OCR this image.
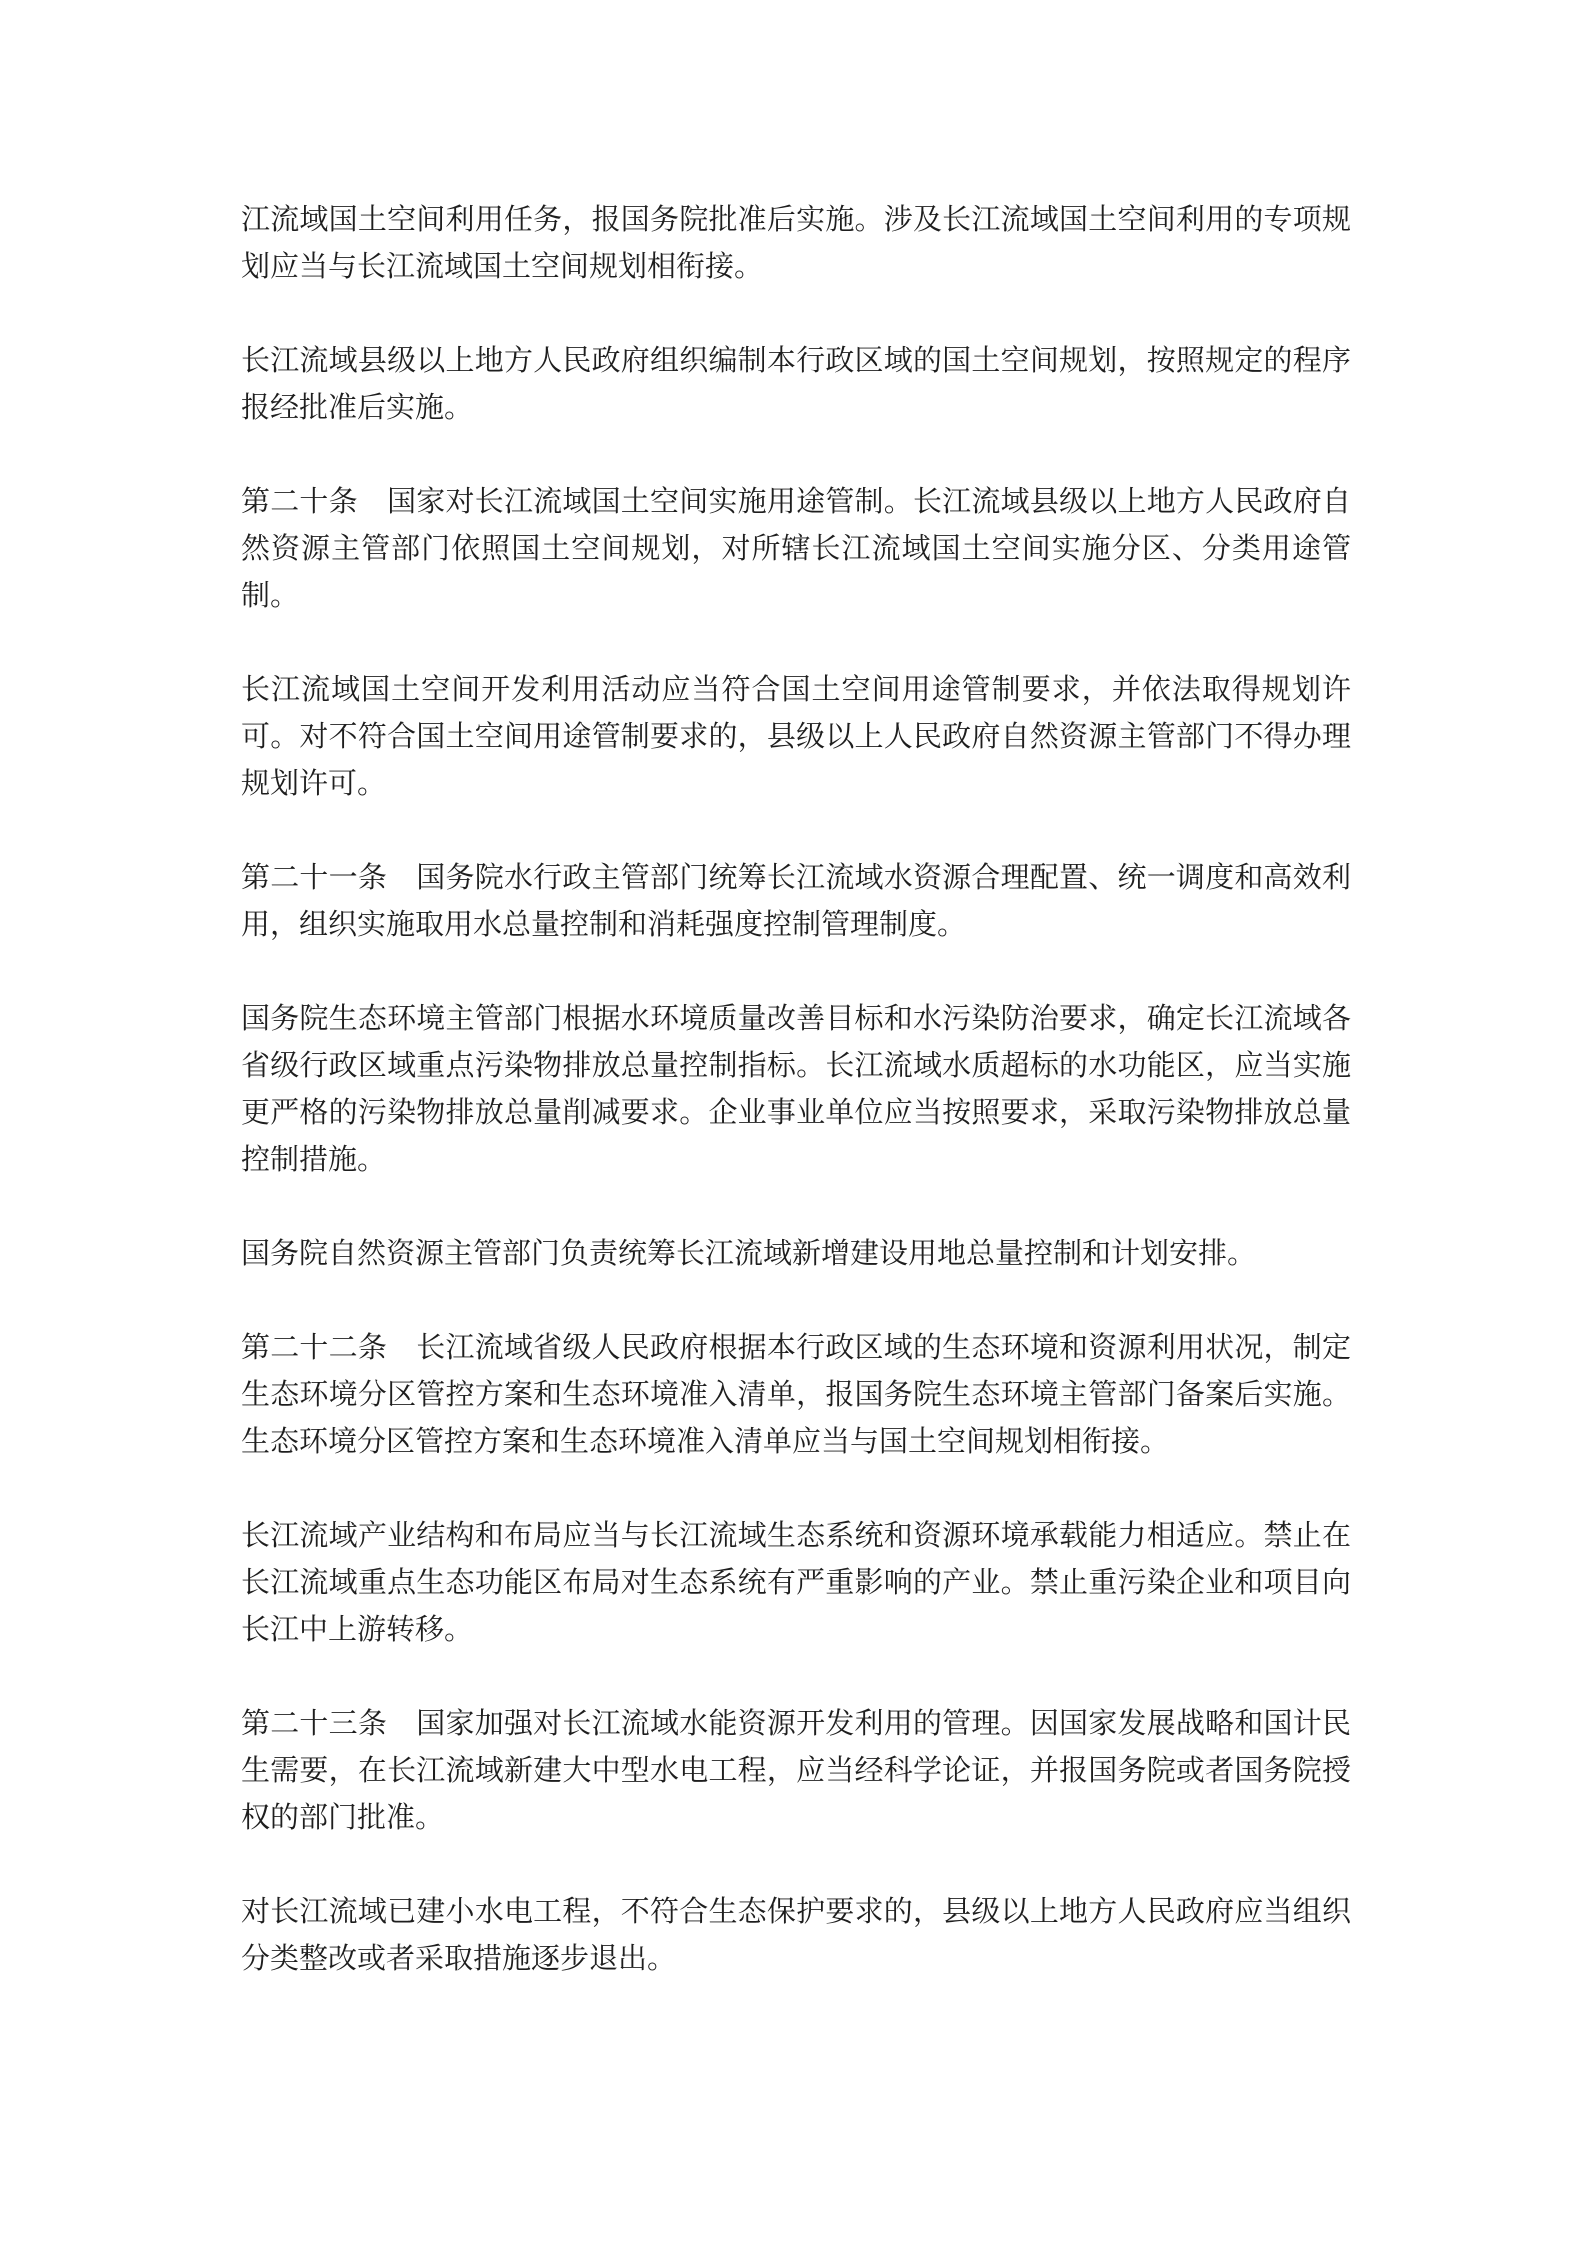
江流域国土空间利用任务，报国务院批准后实施。涉及长江流域国土空间利用的专项规划应当与长江流域国土空间规划相衔接。

长江流域县级以上地方人民政府组织编制本行政区域的国土空间规划，按照规定的程序报经批准后实施。

第二十条　国家对长江流域国土空间实施用途管制。长江流域县级以上地方人民政府自然资源主管部门依照国土空间规划，对所辖长江流域国土空间实施分区、分类用途管制。

长江流域国土空间开发利用活动应当符合国土空间用途管制要求，并依法取得规划许可。对不符合国土空间用途管制要求的，县级以上人民政府自然资源主管部门不得办理规划许可。

第二十一条　国务院水行政主管部门统筹长江流域水资源合理配置、统一调度和高效利用，组织实施取用水总量控制和消耗强度控制管理制度。

国务院生态环境主管部门根据水环境质量改善目标和水污染防治要求，确定长江流域各省级行政区域重点污染物排放总量控制指标。长江流域水质超标的水功能区，应当实施更严格的污染物排放总量削减要求。企业事业单位应当按照要求，采取污染物排放总量控制措施。

国务院自然资源主管部门负责统筹长江流域新增建设用地总量控制和计划安排。

第二十二条　长江流域省级人民政府根据本行政区域的生态环境和资源利用状况，制定生态环境分区管控方案和生态环境准入清单，报国务院生态环境主管部门备案后实施。生态环境分区管控方案和生态环境准入清单应当与国土空间规划相衔接。

长江流域产业结构和布局应当与长江流域生态系统和资源环境承载能力相适应。禁止在长江流域重点生态功能区布局对生态系统有严重影响的产业。禁止重污染企业和项目向长江中上游转移。

第二十三条　国家加强对长江流域水能资源开发利用的管理。因国家发展战略和国计民生需要，在长江流域新建大中型水电工程，应当经科学论证，并报国务院或者国务院授权的部门批准。

对长江流域已建小水电工程，不符合生态保护要求的，县级以上地方人民政府应当组织分类整改或者采取措施逐步退出。
